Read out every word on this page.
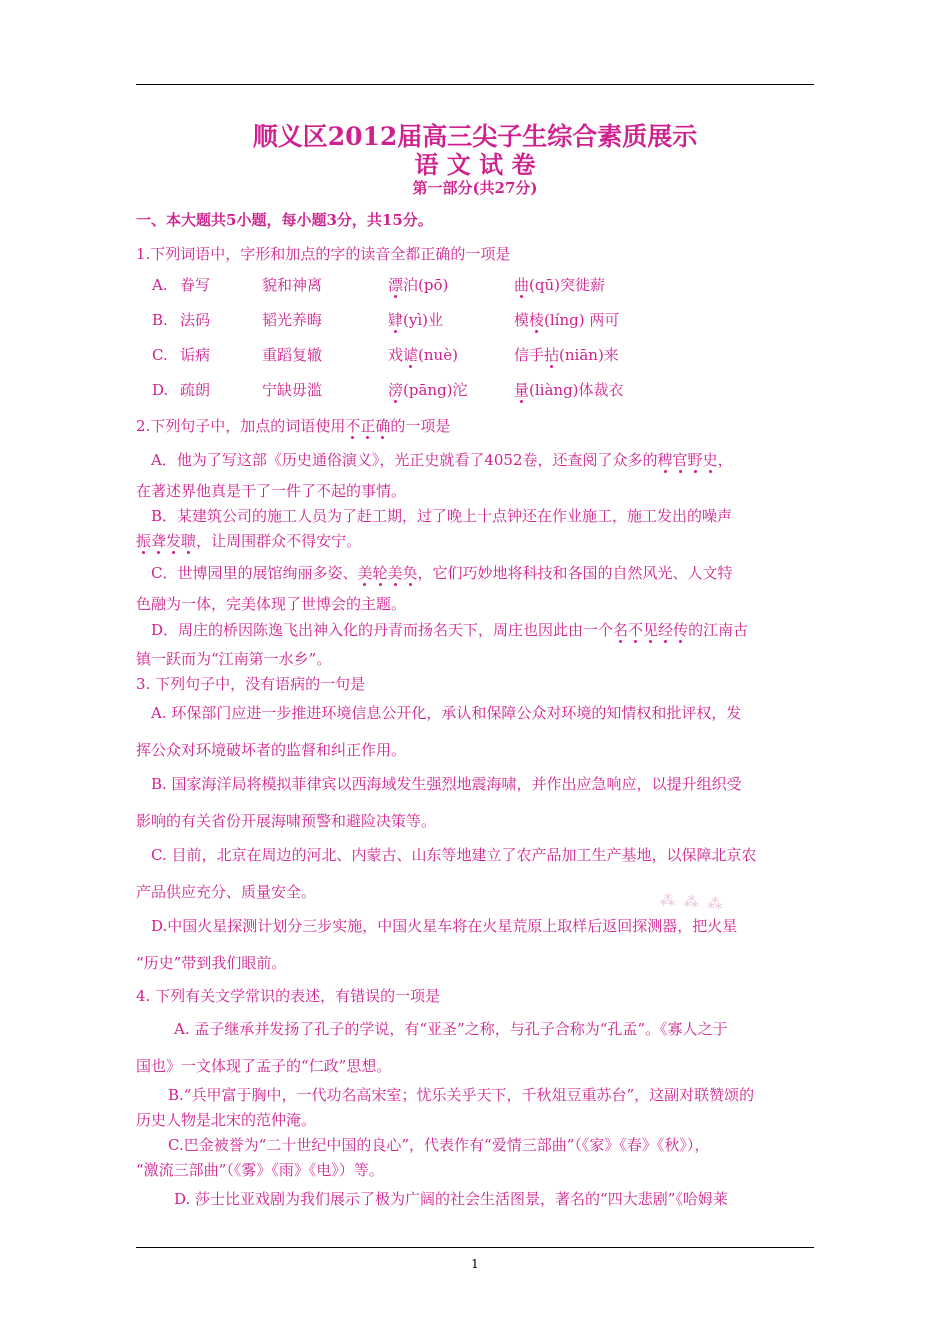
顺义区2012届高三尖子生综合素质展示
语 文 试 卷
第一部分(共27分)
一、本大题共5小题，每小题3分，共15分。
1.下列词语中，字形和加点的字的读音全都正确的一项是
A. 眷写	貌和神离	漂泊(pō)	曲(qū)突徙薪
B. 法码	韬光养晦	肄(yì)业	模棱(líng) 两可
C. 诟病	重蹈复辙	戏谑(nuè)	信手拈(niān)来
D. 疏朗	宁缺毋滥	滂(pāng)沱	量(liàng)体裁衣
2.下列句子中，加点的词语使用不正确的一项是
A．他为了写这部《历史通俗演义》，光正史就看了4052卷，还查阅了众多的稗官野史，
在著述界他真是干了一件了不起的事情。
B．某建筑公司的施工人员为了赶工期，过了晚上十点钟还在作业施工，施工发出的噪声
振聋发聩，让周围群众不得安宁。
C．世博园里的展馆绚丽多姿、美轮美奂，它们巧妙地将科技和各国的自然风光、人文特
色融为一体，完美体现了世博会的主题。
D．周庄的桥因陈逸飞出神入化的丹青而扬名天下，周庄也因此由一个名不见经传的江南古
镇一跃而为“江南第一水乡”。
3. 下列句子中，没有语病的一句是
A. 环保部门应进一步推进环境信息公开化，承认和保障公众对环境的知情权和批评权，发
挥公众对环境破坏者的监督和纠正作用。
B. 国家海洋局将模拟菲律宾以西海域发生强烈地震海啸，并作出应急响应，以提升组织受
影响的有关省份开展海啸预警和避险决策等。
C. 目前，北京在周边的河北、内蒙古、山东等地建立了农产品加工生产基地，以保障北京农
产品供应充分、质量安全。
D.中国火星探测计划分三步实施，中国火星车将在火星荒原上取样后返回探测器，把火星
“历史”带到我们眼前。
⁂ ⁂ ⁂
4. 下列有关文学常识的表述，有错误的一项是
A. 孟子继承并发扬了孔子的学说，有“亚圣”之称，与孔子合称为“孔孟”。《寡人之于
国也》一文体现了孟子的“仁政”思想。
B.“兵甲富于胸中，一代功名高宋室；忧乐关乎天下，千秋俎豆重苏台”，这副对联赞颂的
历史人物是北宋的范仲淹。
C.巴金被誉为“二十世纪中国的良心”，代表作有“爱情三部曲”（《家》《春》《秋》），
“激流三部曲”（《雾》《雨》《电》）等。
D. 莎士比亚戏剧为我们展示了极为广阔的社会生活图景，著名的“四大悲剧”《哈姆莱
1
